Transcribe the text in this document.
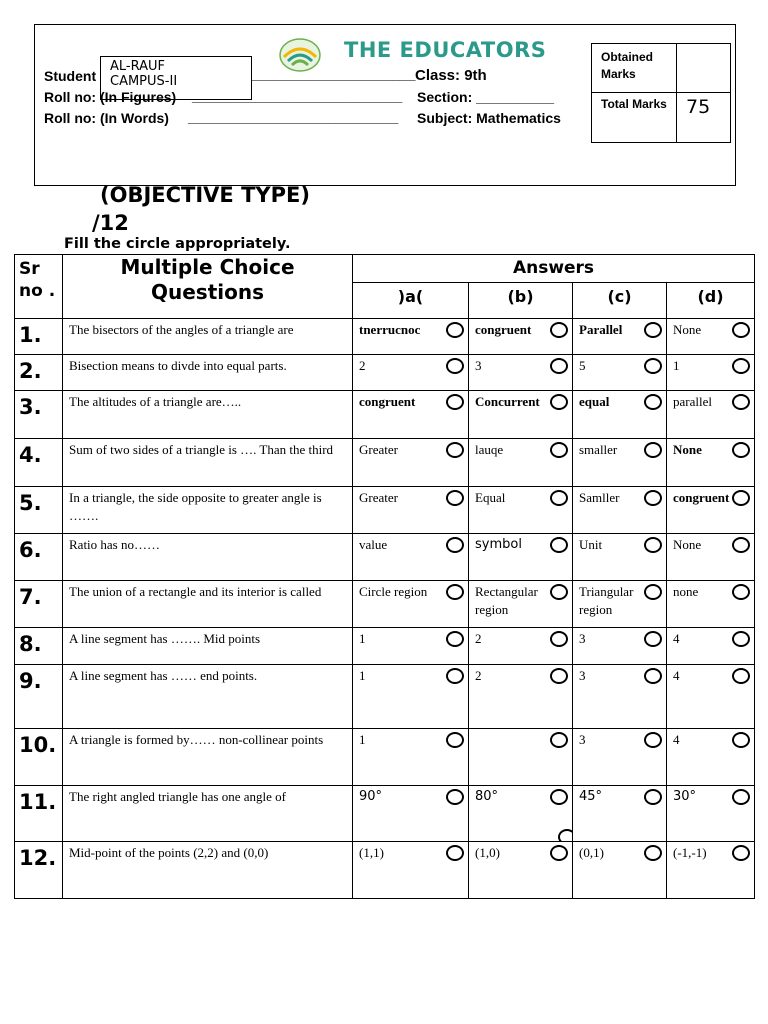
THE EDUCATORS
AL-RAUF
CAMPUS-II
Student	_____________________ Class: 9th
Roll no: (In Figures) ___________________________ Section: __________
Roll no: (In Words) ___________________________ Subject: Mathematics
Obtained Marks
Total Marks 75
(OBJECTIVE TYPE)
/12
Fill the circle appropriately.
Sr no .	Multiple Choice Questions	Answers			
		)a(	(b)	(c)	(d)
1.	The bisectors of the angles of a triangle are	tnerrucnoc	congruent	Parallel	None

2.	Bisection means to divde into equal parts.	2	3	5	1

3.	The altitudes of a triangle are…..	congruent	Concurrent	equal	parallel

4.	Sum of two sides of a triangle is …. Than the third	Greater	lauqe	smaller	None

5.	In a triangle, the side opposite to greater angle is …….	Greater	Equal	Samller	congruent

6.	Ratio has no……	value	symbol	Unit	None

7.	The union of a rectangle and its interior is called	Circle region	Rectangular region	Triangular region	none

8.	A line segment has ……. Mid points	1	2	3	4

9.	A line segment has …… end points.	1	2	3	4

10.	A triangle is formed by…… non-collinear points	1		3	4

11.	The right angled triangle has one angle of	90°	80°	45°	30°

12.	Mid-point of the points (2,2) and (0,0)	(1,1)	(1,0)	(0,1)	(-1,-1)
